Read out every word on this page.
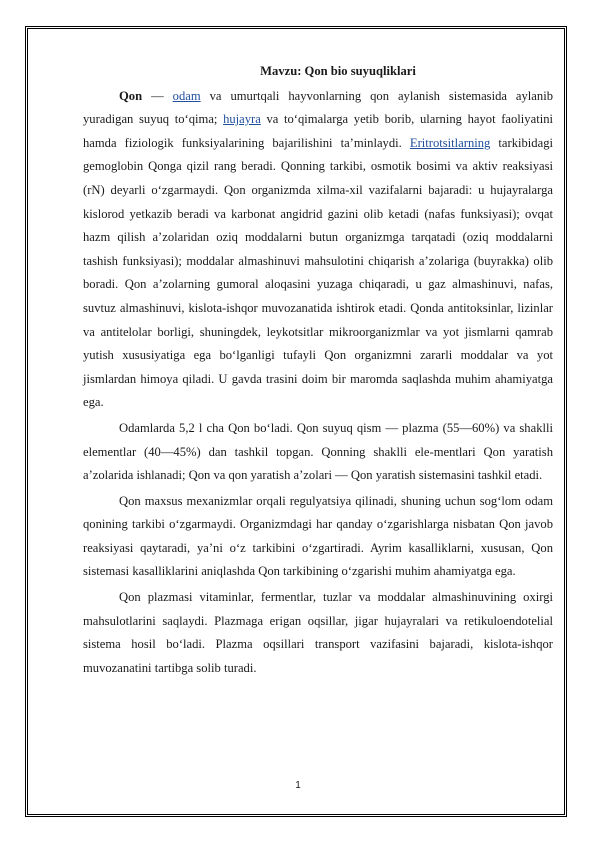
Mavzu: Qon bio suyuqliklari

Qon — odam va umurtqali hayvonlarning qon aylanish sistemasida aylanib yuradigan suyuq to‘qima; hujayra va to‘qimalarga yetib borib, ularning hayot faoliyatini hamda fiziologik funksiyalarining bajarilishini ta’minlaydi. Eritrotsitlarning tarkibidagi gemoglobin Qonga qizil rang beradi. Qonning tarkibi, osmotik bosimi va aktiv reaksiyasi (rN) deyarli o‘zgarmaydi. Qon organizmda xilma-xil vazifalarni bajaradi: u hujayralarga kislorod yetkazib beradi va karbonat angidrid gazini olib ketadi (nafas funksiyasi); ovqat hazm qilish a’zolaridan oziq moddalarni butun organizmga tarqatadi (oziq moddalarni tashish funksiyasi); moddalar almashinuvi mahsulotini chiqarish a’zolariga (buyrakka) olib boradi. Qon a’zolarning gumoral aloqasini yuzaga chiqaradi, u gaz almashinuvi, nafas, suvtuz almashinuvi, kislota-ishqor muvozanatida ishtirok etadi. Qonda antitoksinlar, lizinlar va antitelolar borligi, shuningdek, leykotsitlar mikroorganizmlar va yot jismlarni qamrab yutish xususiyatiga ega bo‘lganligi tufayli Qon organizmni zararli moddalar va yot jismlardan himoya qiladi. U gavda trasini doim bir maromda saqlashda muhim ahamiyatga ega.

Odamlarda 5,2 l cha Qon bo‘ladi. Qon suyuq qism — plazma (55—60%) va shaklli elementlar (40—45%) dan tashkil topgan. Qonning shaklli ele-mentlari Qon yaratish a’zolarida ishlanadi; Qon va qon yaratish a’zolari — Qon yaratish sistemasini tashkil etadi.

Qon maxsus mexanizmlar orqali regulyatsiya qilinadi, shuning uchun sog‘lom odam qonining tarkibi o‘zgarmaydi. Organizmdagi har qanday o‘zgarishlarga nisbatan Qon javob reaksiyasi qaytaradi, ya’ni o‘z tarkibini o‘zgartiradi. Ayrim kasalliklarni, xususan, Qon sistemasi kasalliklarini aniqlashda Qon tarkibining o‘zgarishi muhim ahamiyatga ega.

Qon plazmasi vitaminlar, fermentlar, tuzlar va moddalar almashinuvining oxirgi mahsulotlarini saqlaydi. Plazmaga erigan oqsillar, jigar hujayralari va retikuloendotelial sistema hosil bo‘ladi. Plazma oqsillari transport vazifasini bajaradi, kislota-ishqor muvozanatini tartibga solib turadi.

1
